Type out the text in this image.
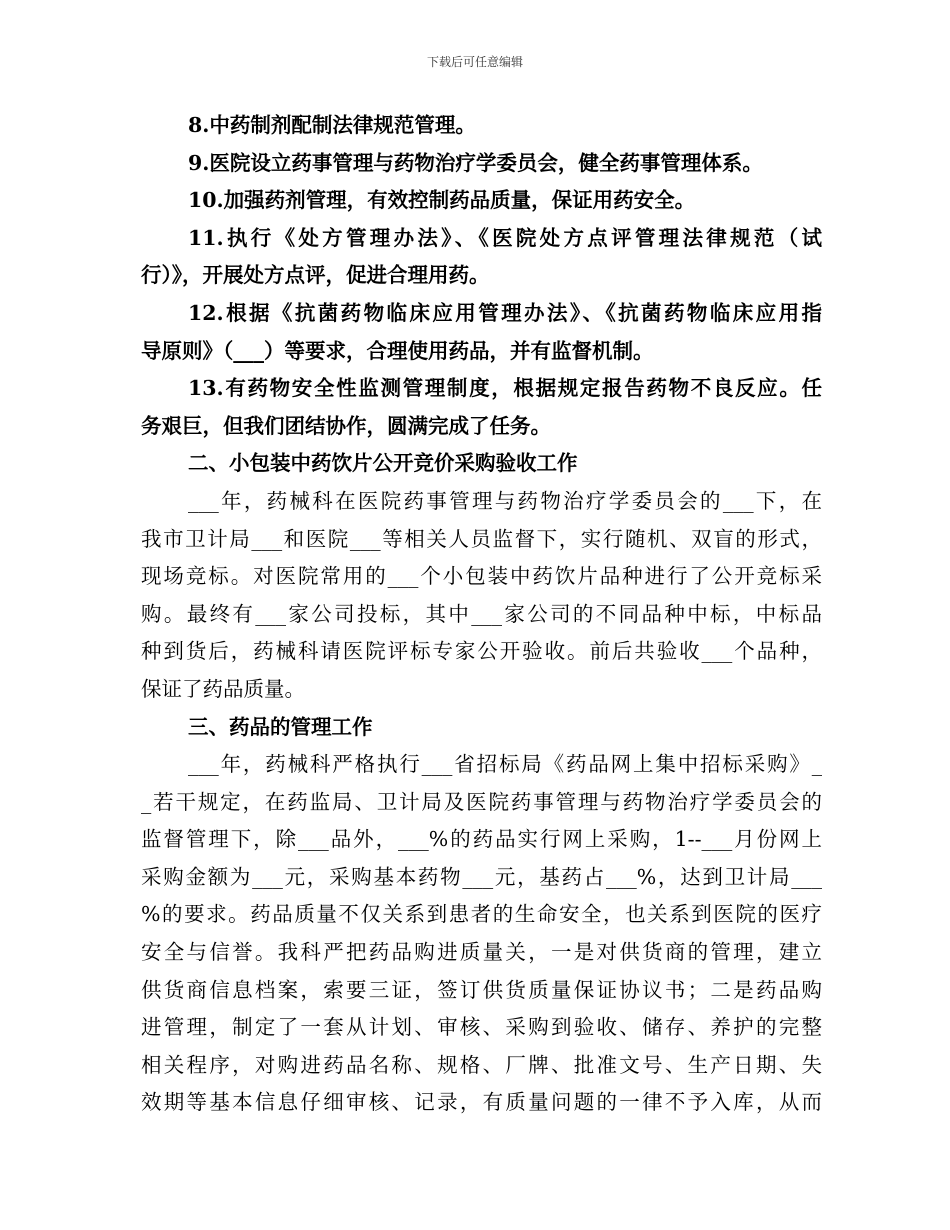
下载后可任意编辑
8.中药制剂配制法律规范管理。
9.医院设立药事管理与药物治疗学委员会，健全药事管理体系。
10.加强药剂管理，有效控制药品质量，保证用药安全。
11.执行《处方管理办法》、《医院处方点评管理法律规范（试
行）》，开展处方点评，促进合理用药。
12.根据《抗菌药物临床应用管理办法》、《抗菌药物临床应用指
导原则》（___）等要求，合理使用药品，并有监督机制。
13.有药物安全性监测管理制度，根据规定报告药物不良反应。任
务艰巨，但我们团结协作，圆满完成了任务。
二、小包装中药饮片公开竞价采购验收工作
___年，药械科在医院药事管理与药物治疗学委员会的___下，在
我市卫计局___和医院___等相关人员监督下，实行随机、双盲的形式，
现场竞标。对医院常用的___个小包装中药饮片品种进行了公开竞标采
购。最终有___家公司投标，其中___家公司的不同品种中标，中标品
种到货后，药械科请医院评标专家公开验收。前后共验收___个品种，
保证了药品质量。
三、药品的管理工作
___年，药械科严格执行___省招标局《药品网上集中招标采购》_
_若干规定，在药监局、卫计局及医院药事管理与药物治疗学委员会的
监督管理下，除___品外，___%的药品实行网上采购，1--___月份网上
采购金额为___元，采购基本药物___元，基药占___%，达到卫计局___
%的要求。药品质量不仅关系到患者的生命安全，也关系到医院的医疗
安全与信誉。我科严把药品购进质量关，一是对供货商的管理，建立
供货商信息档案，索要三证，签订供货质量保证协议书；二是药品购
进管理，制定了一套从计划、审核、采购到验收、储存、养护的完整
相关程序，对购进药品名称、规格、厂牌、批准文号、生产日期、失
效期等基本信息仔细审核、记录，有质量问题的一律不予入库，从而
